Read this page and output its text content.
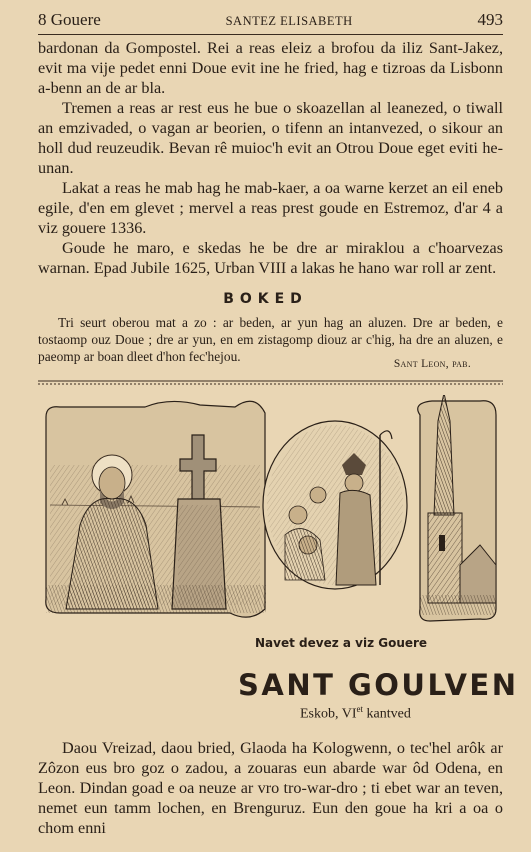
8 Gouere	SANTEZ ELISABETH	493

bardonan da Gompostel. Rei a reas eleiz a brofou da iliz Sant-Jakez, evit ma vije pedet enni Doue evit ine he fried, hag e tizroas da Lisbonn a-benn an de ar bla.

Tremen a reas ar rest eus he bue o skoazellan al leanezed, o tiwall an emzivaded, o vagan ar beorien, o tifenn an intanvezed, o sikour an holl dud reuzeudik. Bevan rê muioc'h evit an Otrou Doue eget eviti he-unan.

Lakat a reas he mab hag he mab-kaer, a oa warne kerzet an eil eneb egile, d'en em glevet ; mervel a reas prest goude en Estremoz, d'ar 4 a viz gouere 1336.

Goude he maro, e skedas he be dre ar miraklou a c'hoarvezas warnan. Epad Jubile 1625, Urban VIII a lakas he hano war roll ar zent.

BOKED

Tri seurt oberou mat a zo : ar beden, ar yun hag an aluzen. Dre ar beden, e tostaomp ouz Doue ; dre ar yun, en em zistagomp diouz ar c'hig, ha dre an aluzen, e paeomp ar boan dleet d'hon fec'hejou.	Sant Leon, pab.
Navet devez a viz Gouere
SANT GOULVEN
Eskob, $VI^{et}$ kantved

Daou Vreizad, daou bried, Glaoda ha Kologwenn, o tec'hel arôk ar Zôzon eus bro goz o zadou, a zouaras eun abarde war ôd Odena, en Leon. Dindan goad e oa neuze ar vro tro-war-dro ; ti ebet war an teven, nemet eun tamm lochen, en Brenguruz. Eun den goue ha kri a oa o chom enni
